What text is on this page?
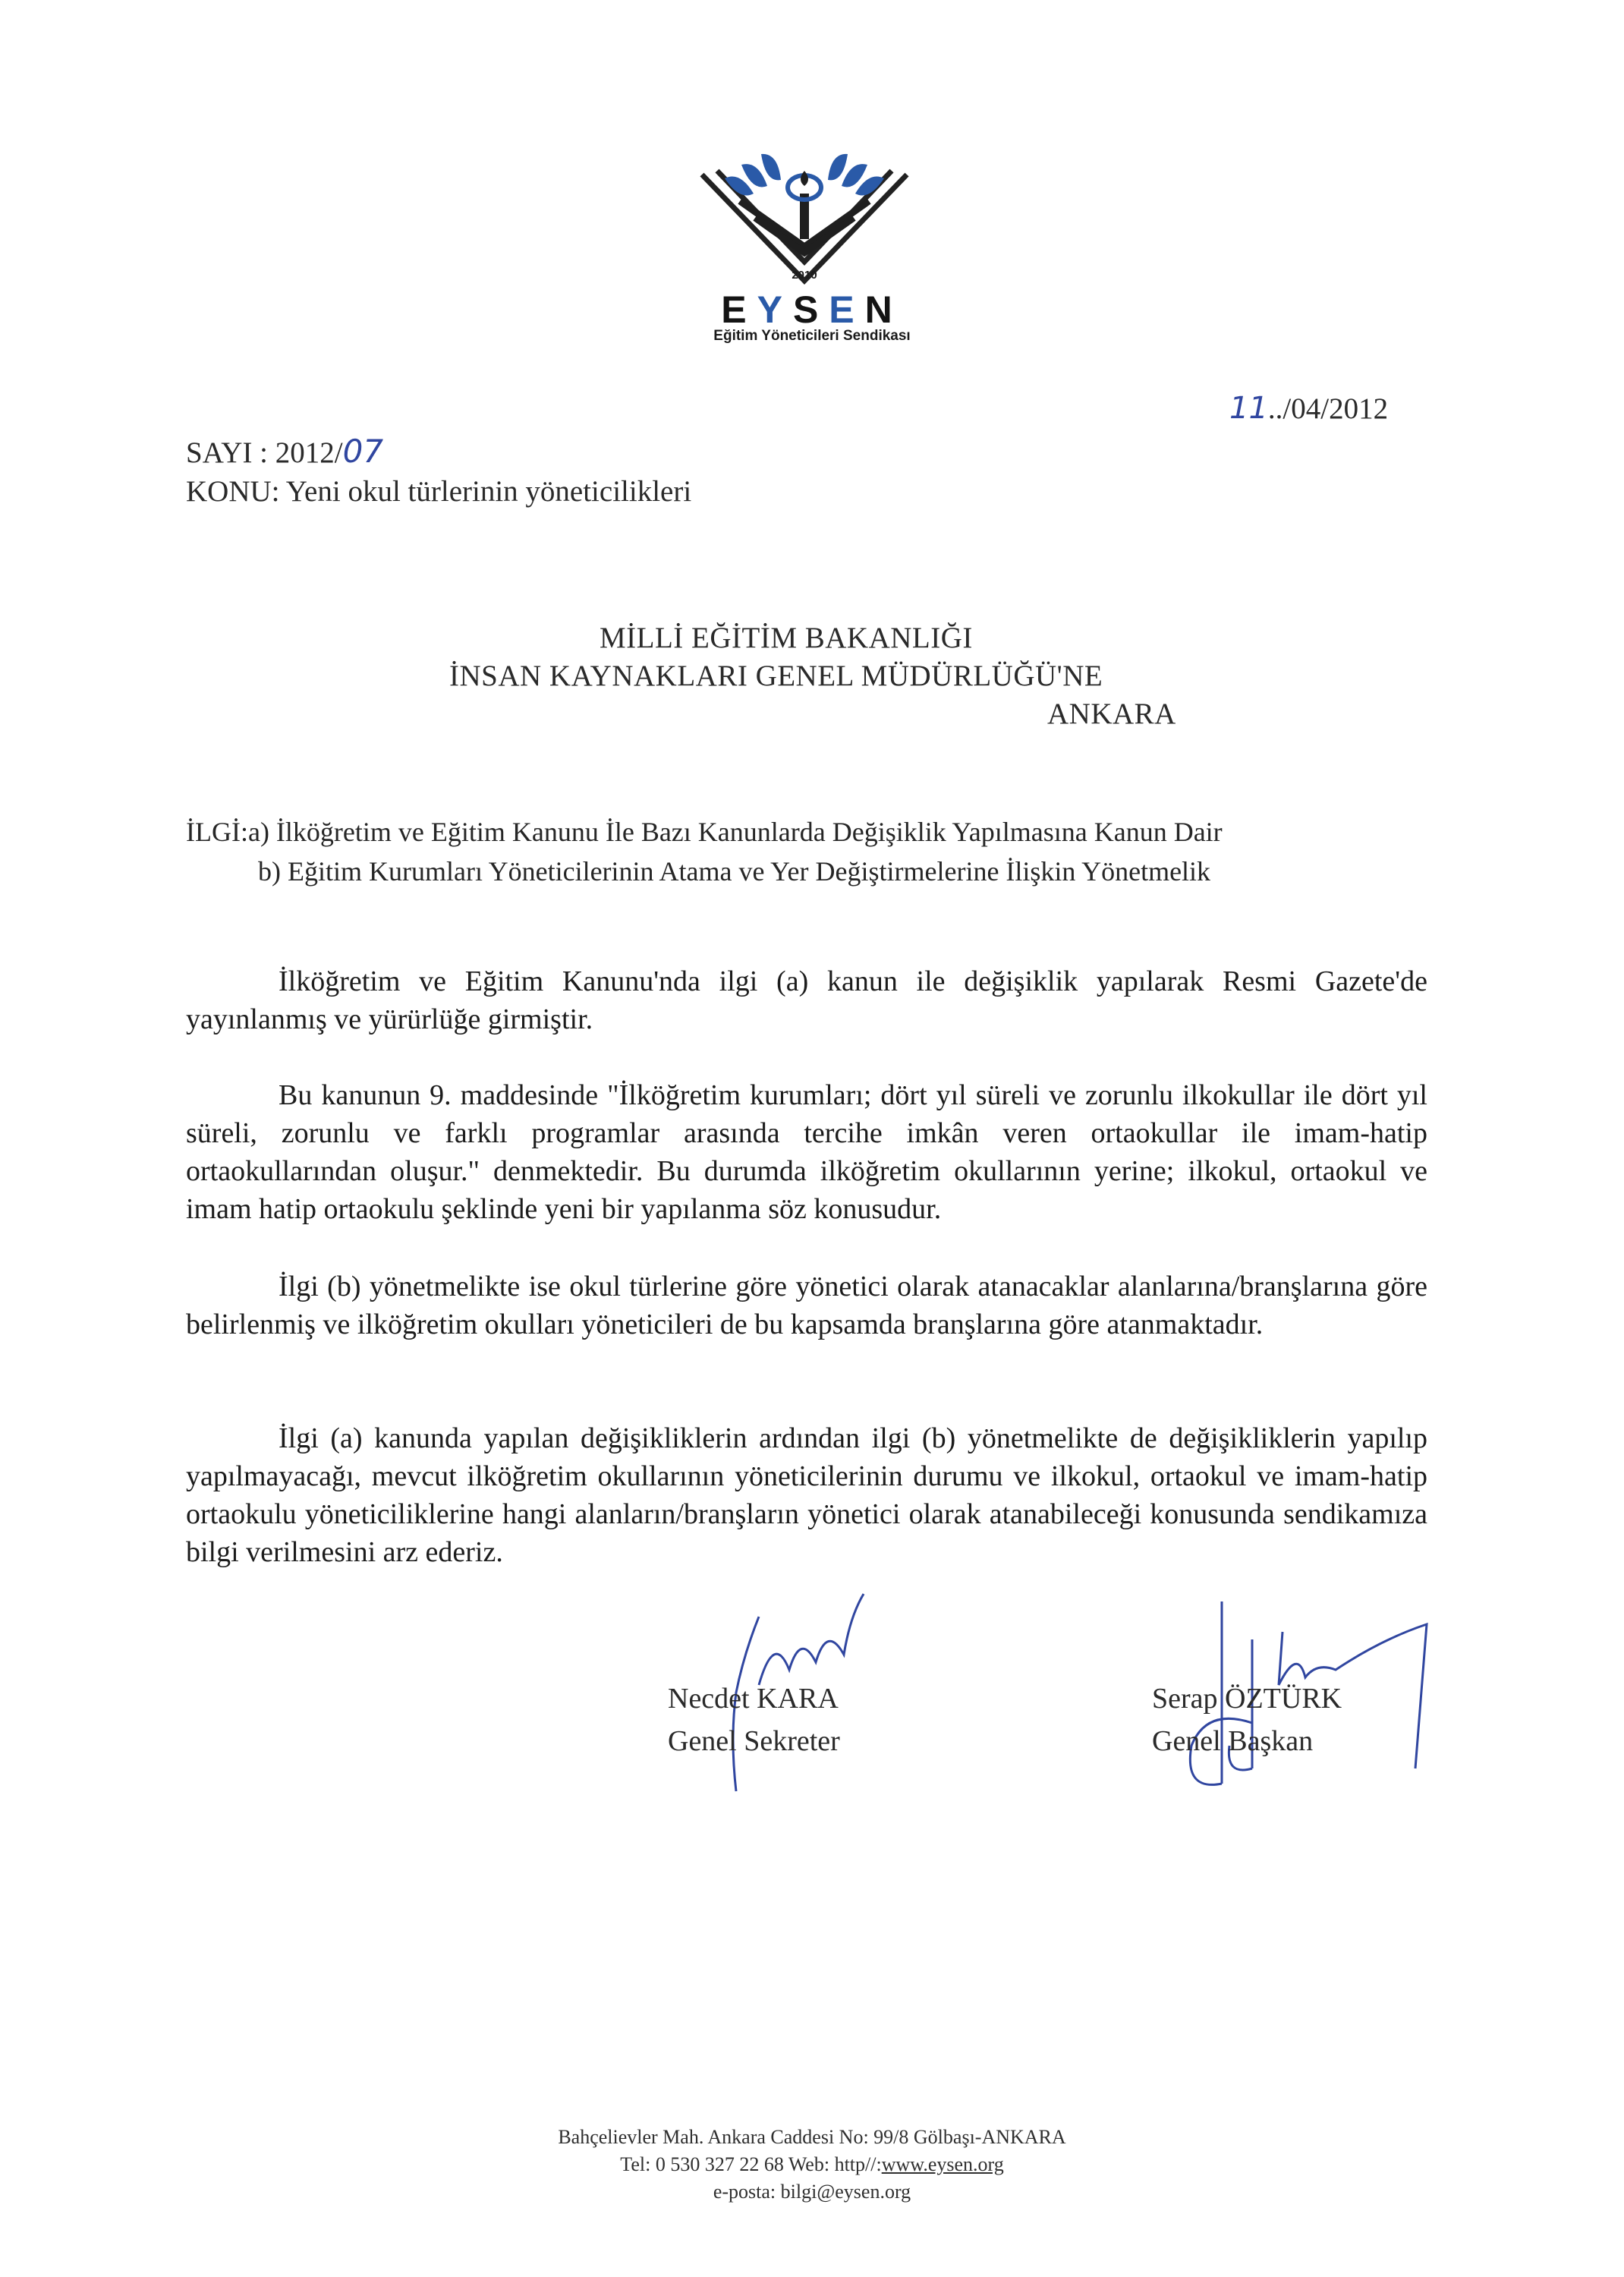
2010
EYSEN
Eğitim Yöneticileri Sendikası
11../04/2012
SAYI : 2012/07
KONU: Yeni okul türlerinin yöneticilikleri
MİLLİ EĞİTİM BAKANLIĞI
İNSAN KAYNAKLARI GENEL MÜDÜRLÜĞÜ'NE
ANKARA
İLGİ:a) İlköğretim ve Eğitim Kanunu İle Bazı Kanunlarda Değişiklik Yapılmasına Kanun Dair
b) Eğitim Kurumları Yöneticilerinin Atama ve Yer Değiştirmelerine İlişkin Yönetmelik
İlköğretim ve Eğitim Kanunu'nda ilgi (a) kanun ile değişiklik yapılarak Resmi Gazete'de yayınlanmış ve yürürlüğe girmiştir.
Bu kanunun 9. maddesinde "İlköğretim kurumları; dört yıl süreli ve zorunlu ilkokullar ile dört yıl süreli, zorunlu ve farklı programlar arasında tercihe imkân veren ortaokullar ile imam-hatip ortaokullarından oluşur." denmektedir. Bu durumda ilköğretim okullarının yerine; ilkokul, ortaokul ve imam hatip ortaokulu şeklinde yeni bir yapılanma söz konusudur.
İlgi (b) yönetmelikte ise okul türlerine göre yönetici olarak atanacaklar alanlarına/branşlarına göre belirlenmiş ve ilköğretim okulları yöneticileri de bu kapsamda branşlarına göre atanmaktadır.
İlgi (a) kanunda yapılan değişikliklerin ardından ilgi (b) yönetmelikte de değişikliklerin yapılıp yapılmayacağı, mevcut ilköğretim okullarının yöneticilerinin durumu ve ilkokul, ortaokul ve imam-hatip ortaokulu yöneticiliklerine hangi alanların/branşların yönetici olarak atanabileceği konusunda sendikamıza bilgi verilmesini arz ederiz.
Necdet KARA
Genel Sekreter
Serap ÖZTÜRK
Genel Başkan
Bahçelievler Mah. Ankara Caddesi No: 99/8 Gölbaşı-ANKARA
Tel: 0 530 327 22 68 Web: http//:www.eysen.org
e-posta: bilgi@eysen.org
